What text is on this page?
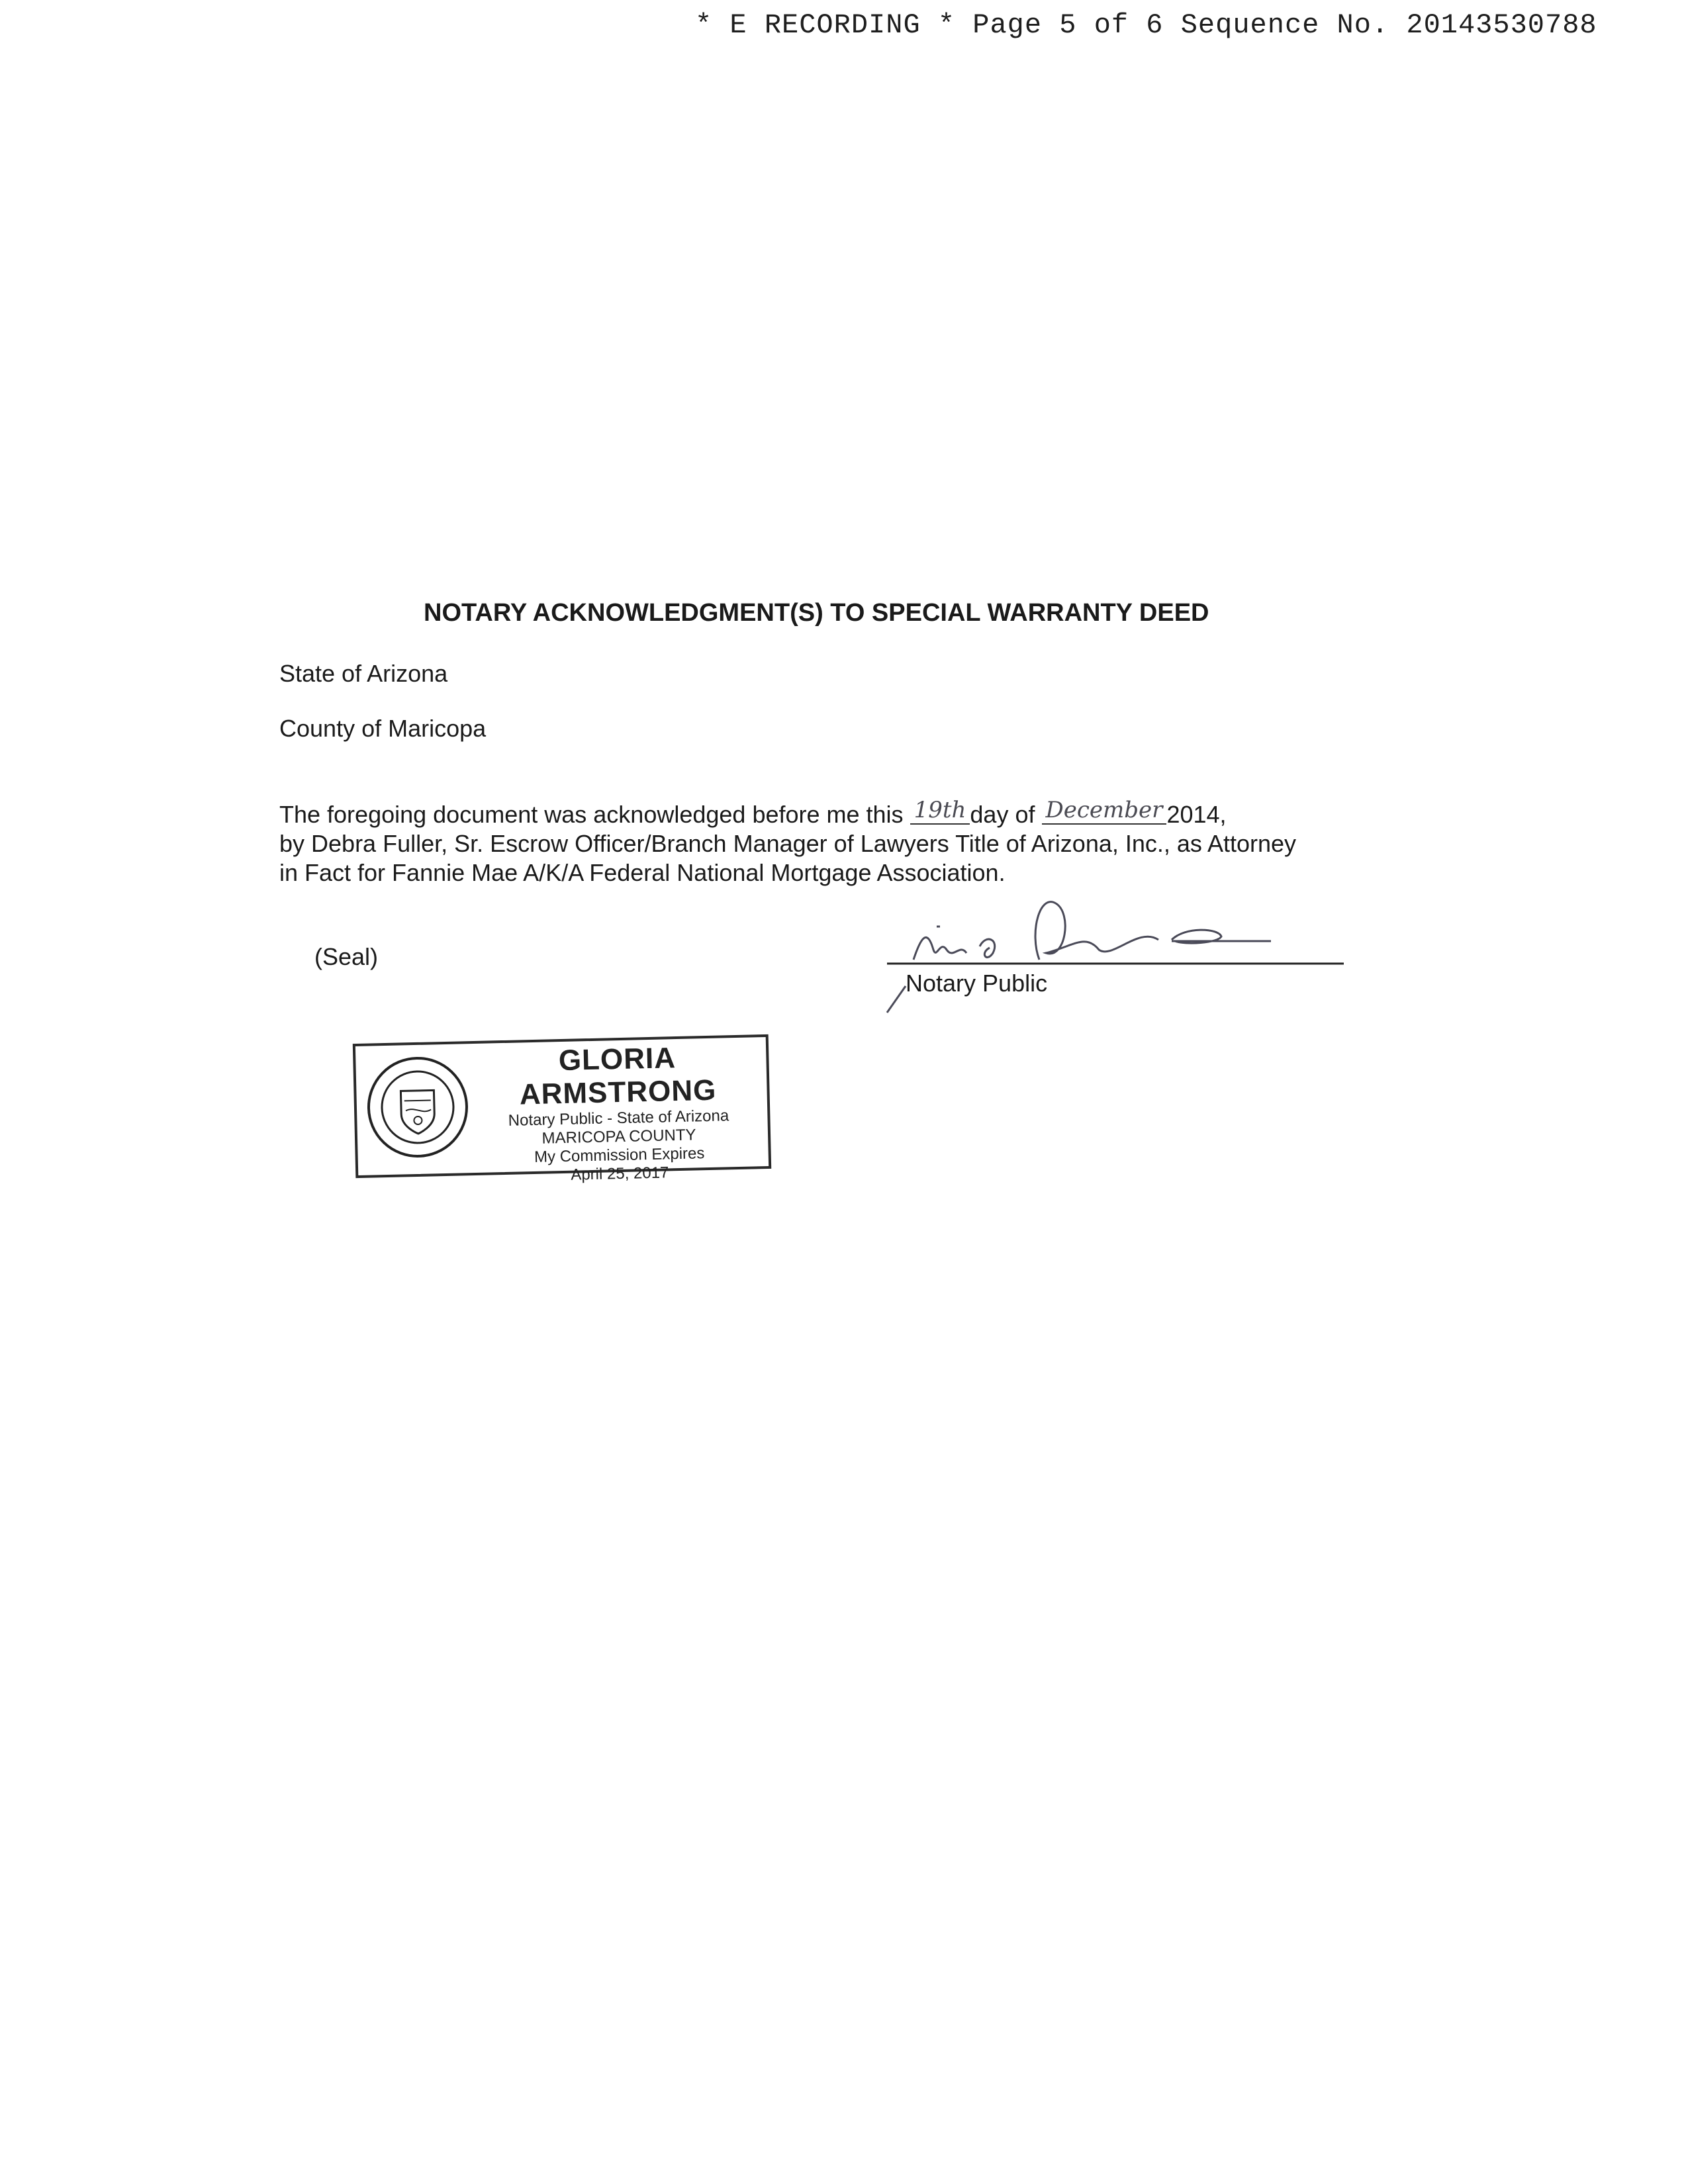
* E RECORDING * Page 5 of 6 Sequence No. 20143530788
NOTARY ACKNOWLEDGMENT(S) TO SPECIAL WARRANTY DEED
State of Arizona
County of Maricopa
The foregoing document was acknowledged before me this 19th day of December 2014,
by Debra Fuller, Sr. Escrow Officer/Branch Manager of Lawyers Title of Arizona, Inc., as Attorney
in Fact for Fannie Mae A/K/A Federal National Mortgage Association.
(Seal)
Notary Public
GLORIA ARMSTRONG
Notary Public - State of Arizona
MARICOPA COUNTY
My Commission Expires
April 25, 2017
